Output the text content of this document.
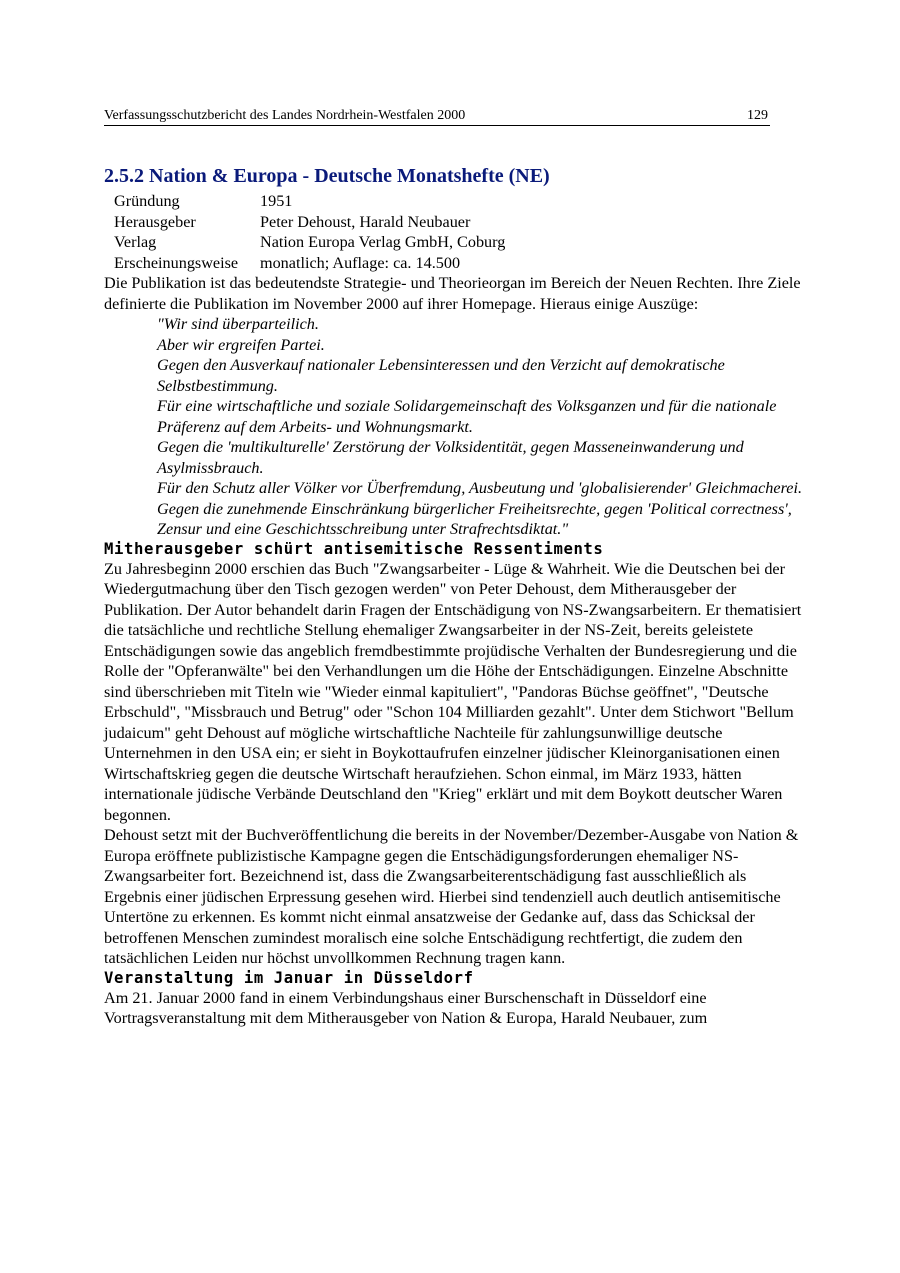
Verfassungsschutzbericht des Landes Nordrhein-Westfalen 2000	129
2.5.2 Nation & Europa - Deutsche Monatshefte (NE)
Gründung	1951
Herausgeber	Peter Dehoust, Harald Neubauer
Verlag	Nation Europa Verlag GmbH, Coburg
Erscheinungsweise	monatlich; Auflage: ca. 14.500

Die Publikation ist das bedeutendste Strategie- und Theorieorgan im Bereich der Neuen Rechten. Ihre Ziele definierte die Publikation im November 2000 auf ihrer Homepage. Hieraus einige Auszüge:

"Wir sind überparteilich.

Aber wir ergreifen Partei.

Gegen den Ausverkauf nationaler Lebensinteressen und den Verzicht auf demokratische Selbstbestimmung.

Für eine wirtschaftliche und soziale Solidargemeinschaft des Volksganzen und für die nationale Präferenz auf dem Arbeits- und Wohnungsmarkt.

Gegen die 'multikulturelle' Zerstörung der Volksidentität, gegen Masseneinwanderung und Asylmissbrauch.

Für den Schutz aller Völker vor Überfremdung, Ausbeutung und 'globalisierender' Gleichmacherei.

Gegen die zunehmende Einschränkung bürgerlicher Freiheitsrechte, gegen 'Political correctness', Zensur und eine Geschichtsschreibung unter Strafrechtsdiktat."

Mitherausgeber schürt antisemitische Ressentiments

Zu Jahresbeginn 2000 erschien das Buch "Zwangsarbeiter - Lüge & Wahrheit. Wie die Deutschen bei der Wiedergutmachung über den Tisch gezogen werden" von Peter Dehoust, dem Mitherausgeber der Publikation. Der Autor behandelt darin Fragen der Entschädigung von NS-Zwangsarbeitern. Er thematisiert die tatsächliche und rechtliche Stellung ehemaliger Zwangsarbeiter in der NS-Zeit, bereits geleistete Entschädigungen sowie das angeblich fremdbestimmte projüdische Verhalten der Bundesregierung und die Rolle der "Opferanwälte" bei den Verhandlungen um die Höhe der Entschädigungen. Einzelne Abschnitte sind überschrieben mit Titeln wie "Wieder einmal kapituliert", "Pandoras Büchse geöffnet", "Deutsche Erbschuld", "Missbrauch und Betrug" oder "Schon 104 Milliarden gezahlt". Unter dem Stichwort "Bellum judaicum" geht Dehoust auf mögliche wirtschaftliche Nachteile für zahlungsunwillige deutsche Unternehmen in den USA ein; er sieht in Boykottaufrufen einzelner jüdischer Kleinorganisationen einen Wirtschaftskrieg gegen die deutsche Wirtschaft heraufziehen. Schon einmal, im März 1933, hätten internationale jüdische Verbände Deutschland den "Krieg" erklärt und mit dem Boykott deutscher Waren begonnen.

Dehoust setzt mit der Buchveröffentlichung die bereits in der November/Dezember-Ausgabe von Nation & Europa eröffnete publizistische Kampagne gegen die Entschädigungsforderungen ehemaliger NS-Zwangsarbeiter fort. Bezeichnend ist, dass die Zwangsarbeiterentschädigung fast ausschließlich als Ergebnis einer jüdischen Erpressung gesehen wird. Hierbei sind tendenziell auch deutlich antisemitische Untertöne zu erkennen. Es kommt nicht einmal ansatzweise der Gedanke auf, dass das Schicksal der betroffenen Menschen zumindest moralisch eine solche Entschädigung rechtfertigt, die zudem den tatsächlichen Leiden nur höchst unvollkommen Rechnung tragen kann.

Veranstaltung im Januar in Düsseldorf

Am 21. Januar 2000 fand in einem Verbindungshaus einer Burschenschaft in Düsseldorf eine Vortragsveranstaltung mit dem Mitherausgeber von Nation & Europa, Harald Neubauer, zum
